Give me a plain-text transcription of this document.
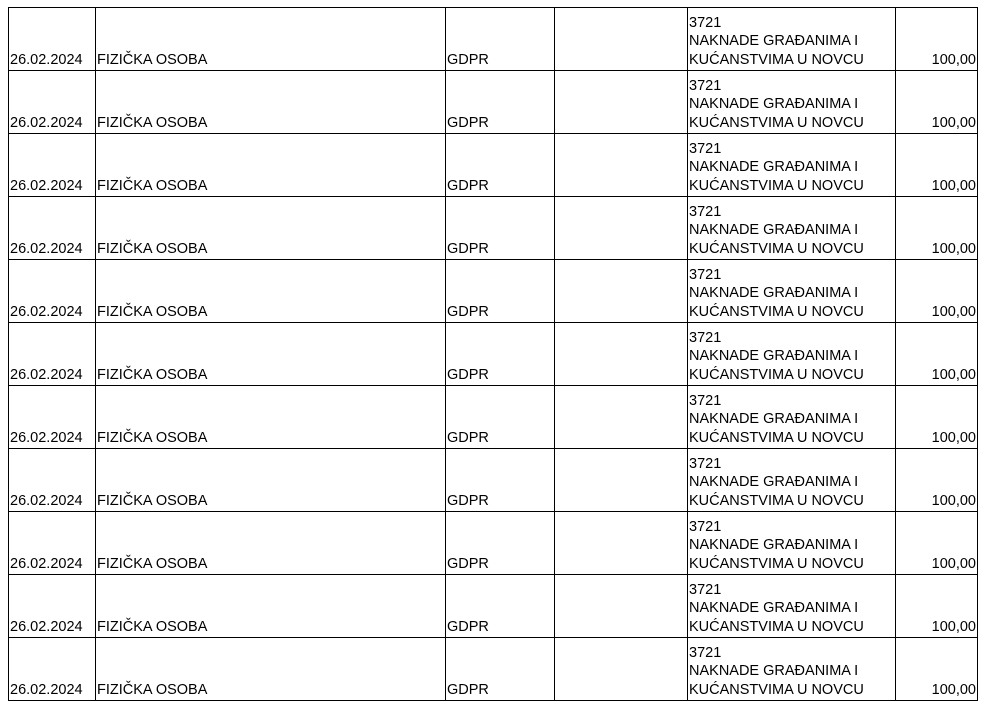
26.02.2024	FIZIČKA OSOBA	GDPR		3721
NAKNADE GRAĐANIMA I
KUĆANSTVIMA U NOVCU	100,00
26.02.2024	FIZIČKA OSOBA	GDPR		3721
NAKNADE GRAĐANIMA I
KUĆANSTVIMA U NOVCU	100,00
26.02.2024	FIZIČKA OSOBA	GDPR		3721
NAKNADE GRAĐANIMA I
KUĆANSTVIMA U NOVCU	100,00
26.02.2024	FIZIČKA OSOBA	GDPR		3721
NAKNADE GRAĐANIMA I
KUĆANSTVIMA U NOVCU	100,00
26.02.2024	FIZIČKA OSOBA	GDPR		3721
NAKNADE GRAĐANIMA I
KUĆANSTVIMA U NOVCU	100,00
26.02.2024	FIZIČKA OSOBA	GDPR		3721
NAKNADE GRAĐANIMA I
KUĆANSTVIMA U NOVCU	100,00
26.02.2024	FIZIČKA OSOBA	GDPR		3721
NAKNADE GRAĐANIMA I
KUĆANSTVIMA U NOVCU	100,00
26.02.2024	FIZIČKA OSOBA	GDPR		3721
NAKNADE GRAĐANIMA I
KUĆANSTVIMA U NOVCU	100,00
26.02.2024	FIZIČKA OSOBA	GDPR		3721
NAKNADE GRAĐANIMA I
KUĆANSTVIMA U NOVCU	100,00
26.02.2024	FIZIČKA OSOBA	GDPR		3721
NAKNADE GRAĐANIMA I
KUĆANSTVIMA U NOVCU	100,00
26.02.2024	FIZIČKA OSOBA	GDPR		3721
NAKNADE GRAĐANIMA I
KUĆANSTVIMA U NOVCU	100,00
